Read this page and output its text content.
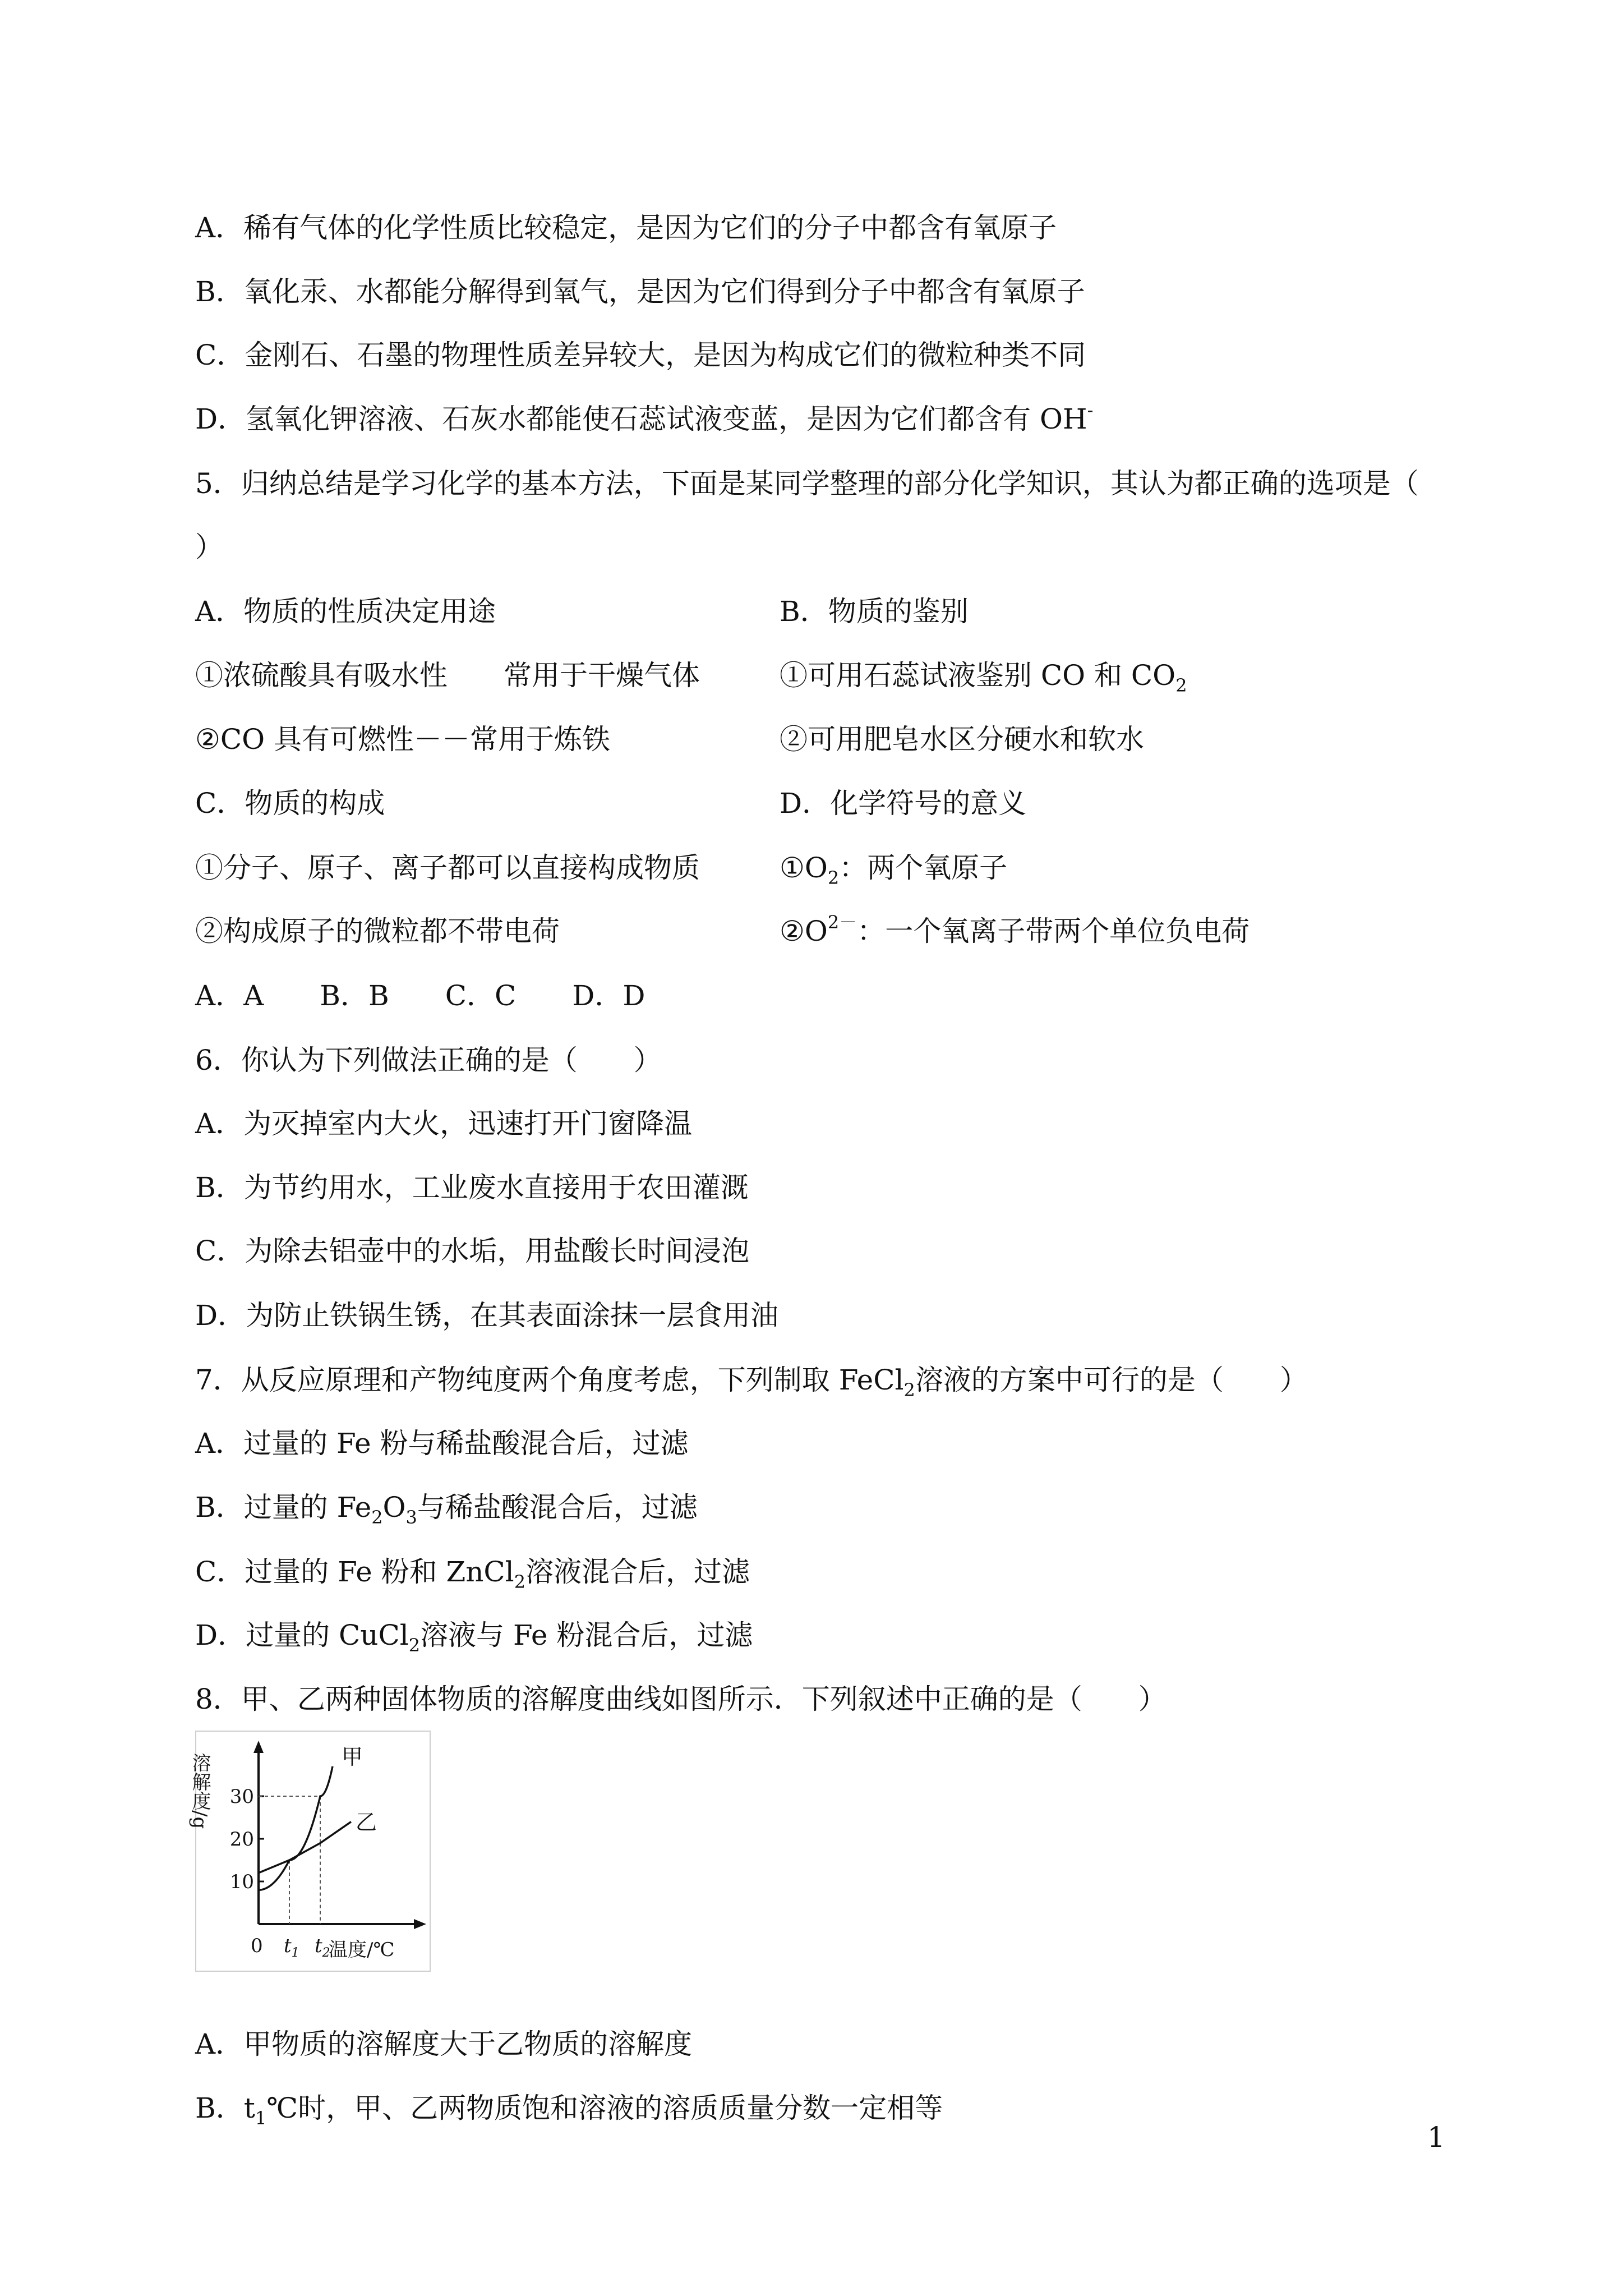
A．稀有气体的化学性质比较稳定，是因为它们的分子中都含有氧原子
B．氧化汞、水都能分解得到氧气，是因为它们得到分子中都含有氧原子
C．金刚石、石墨的物理性质差异较大，是因为构成它们的微粒种类不同
D．氢氧化钾溶液、石灰水都能使石蕊试液变蓝，是因为它们都含有 OH-
5．归纳总结是学习化学的基本方法，下面是某同学整理的部分化学知识，其认为都正确的选项是（
）
A．物质的性质决定用途	B．物质的鉴别
①浓硫酸具有吸水性　　常用于干燥气体	①可用石蕊试液鉴别 CO 和 $CO_2$
②CO 具有可燃性－－常用于炼铁	②可用肥皂水区分硬水和软水
C．物质的构成	D．化学符号的意义
①分子、原子、离子都可以直接构成物质	$①O_2$：两个氧原子
②构成原子的微粒都不带电荷	$②O^{2-}$：一个氧离子带两个单位负电荷
A．A B．B C．C D．D
6．你认为下列做法正确的是（　　）
A．为灭掉室内大火，迅速打开门窗降温
B．为节约用水，工业废水直接用于农田灌溉
C．为除去铝壶中的水垢，用盐酸长时间浸泡
D．为防止铁锅生锈，在其表面涂抹一层食用油
7．从反应原理和产物纯度两个角度考虑，下列制取 FeCl$_2$溶液的方案中可行的是（　　）
A．过量的 Fe 粉与稀盐酸混合后，过滤
B．过量的 $Fe_2O_3$与稀盐酸混合后，过滤
C．过量的 Fe 粉和 ZnCl$_2$溶液混合后，过滤
D．过量的 CuCl$_2$溶液与 Fe 粉混合后，过滤
8．甲、乙两种固体物质的溶解度曲线如图所示．下列叙述中正确的是（　　）
溶解度/g
10
20
30
0 $t_1$ $t_2$
甲
乙
温度/℃
A．甲物质的溶解度大于乙物质的溶解度
B．$t_1℃$时，甲、乙两物质饱和溶液的溶质质量分数一定相等
1
